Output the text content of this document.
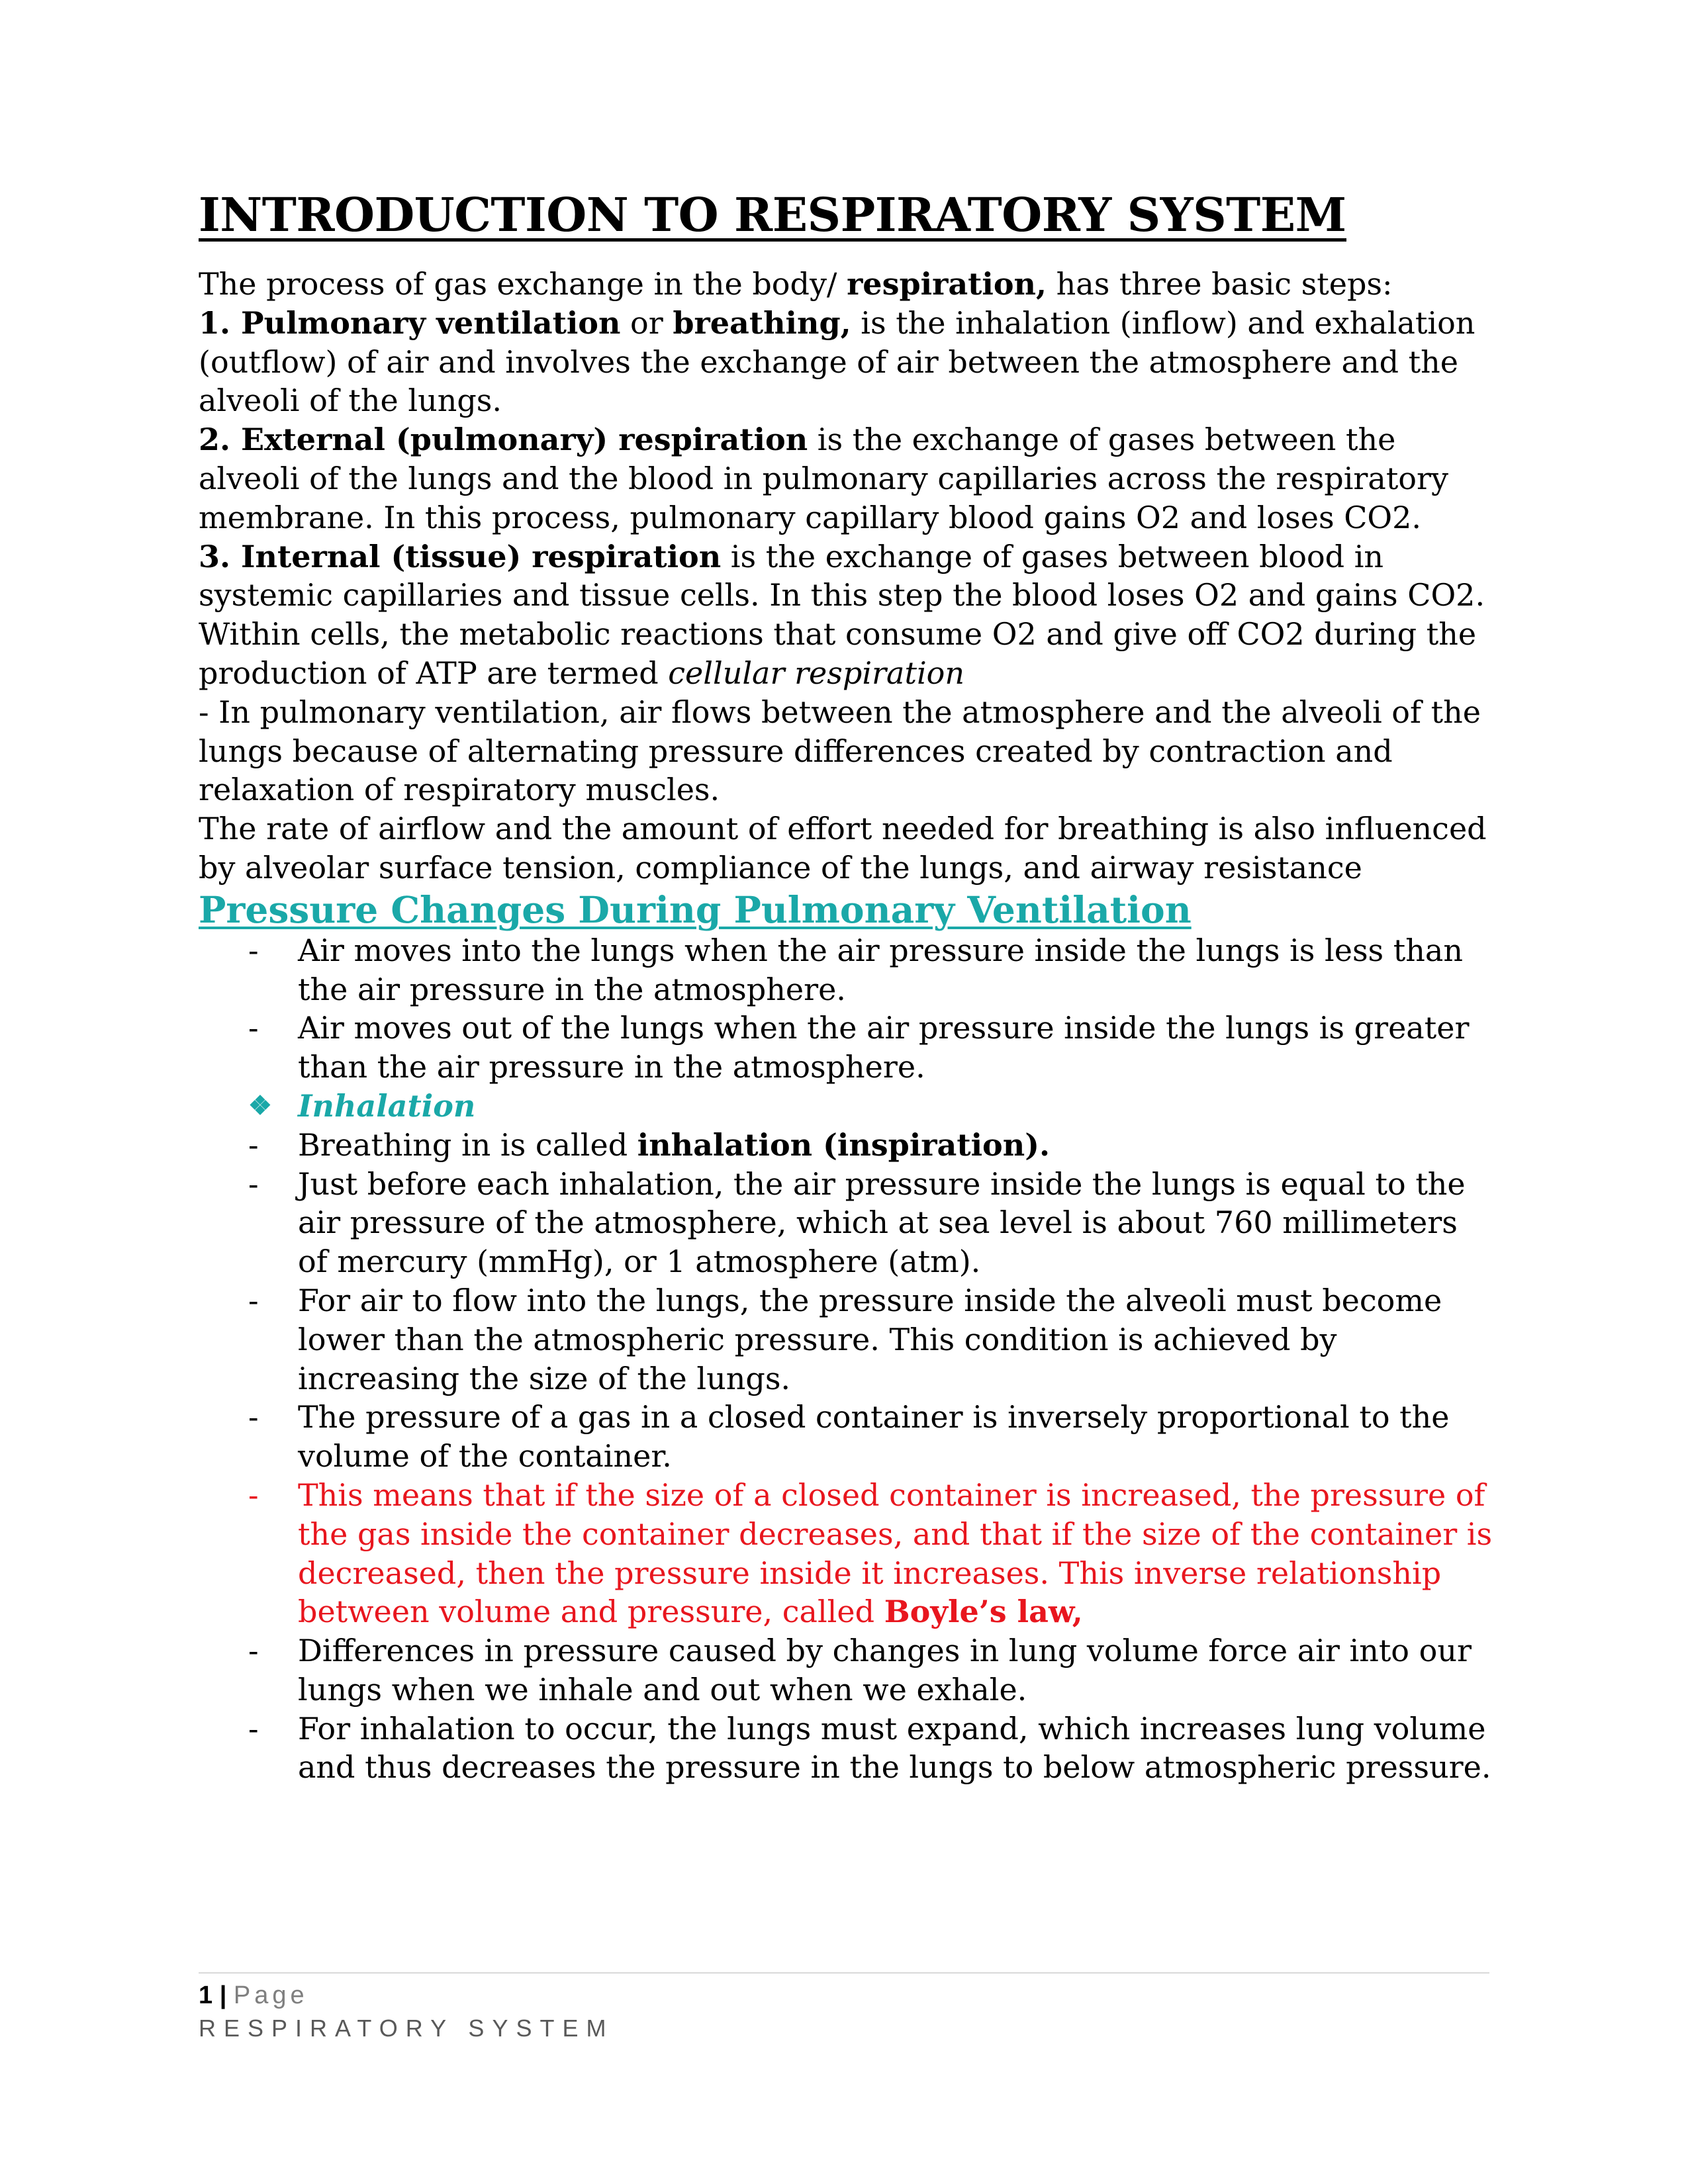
INTRODUCTION TO RESPIRATORY SYSTEM

The process of gas exchange in the body/ respiration, has three basic steps:

1. Pulmonary ventilation or breathing, is the inhalation (inflow) and exhalation (outflow) of air and involves the exchange of air between the atmosphere and the alveoli of the lungs.

2. External (pulmonary) respiration is the exchange of gases between the alveoli of the lungs and the blood in pulmonary capillaries across the respiratory membrane. In this process, pulmonary capillary blood gains O2 and loses CO2.

3. Internal (tissue) respiration is the exchange of gases between blood in systemic capillaries and tissue cells. In this step the blood loses O2 and gains CO2. Within cells, the metabolic reactions that consume O2 and give off CO2 during the production of ATP are termed cellular respiration

- In pulmonary ventilation, air flows between the atmosphere and the alveoli of the lungs because of alternating pressure differences created by contraction and relaxation of respiratory muscles.

The rate of airflow and the amount of effort needed for breathing is also influenced by alveolar surface tension, compliance of the lungs, and airway resistance

Pressure Changes During Pulmonary Ventilation
- Air moves into the lungs when the air pressure inside the lungs is less than the air pressure in the atmosphere.
- Air moves out of the lungs when the air pressure inside the lungs is greater than the air pressure in the atmosphere.
❖ Inhalation
- Breathing in is called inhalation (inspiration).
- Just before each inhalation, the air pressure inside the lungs is equal to the air pressure of the atmosphere, which at sea level is about 760 millimeters of mercury (mmHg), or 1 atmosphere (atm).
- For air to flow into the lungs, the pressure inside the alveoli must become lower than the atmospheric pressure. This condition is achieved by increasing the size of the lungs.
- The pressure of a gas in a closed container is inversely proportional to the volume of the container.
- This means that if the size of a closed container is increased, the pressure of the gas inside the container decreases, and that if the size of the container is decreased, then the pressure inside it increases. This inverse relationship between volume and pressure, called Boyle’s law,
- Differences in pressure caused by changes in lung volume force air into our lungs when we inhale and out when we exhale.
- For inhalation to occur, the lungs must expand, which increases lung volume and thus decreases the pressure in the lungs to below atmospheric pressure.
1 | Page
RESPIRATORY SYSTEM
